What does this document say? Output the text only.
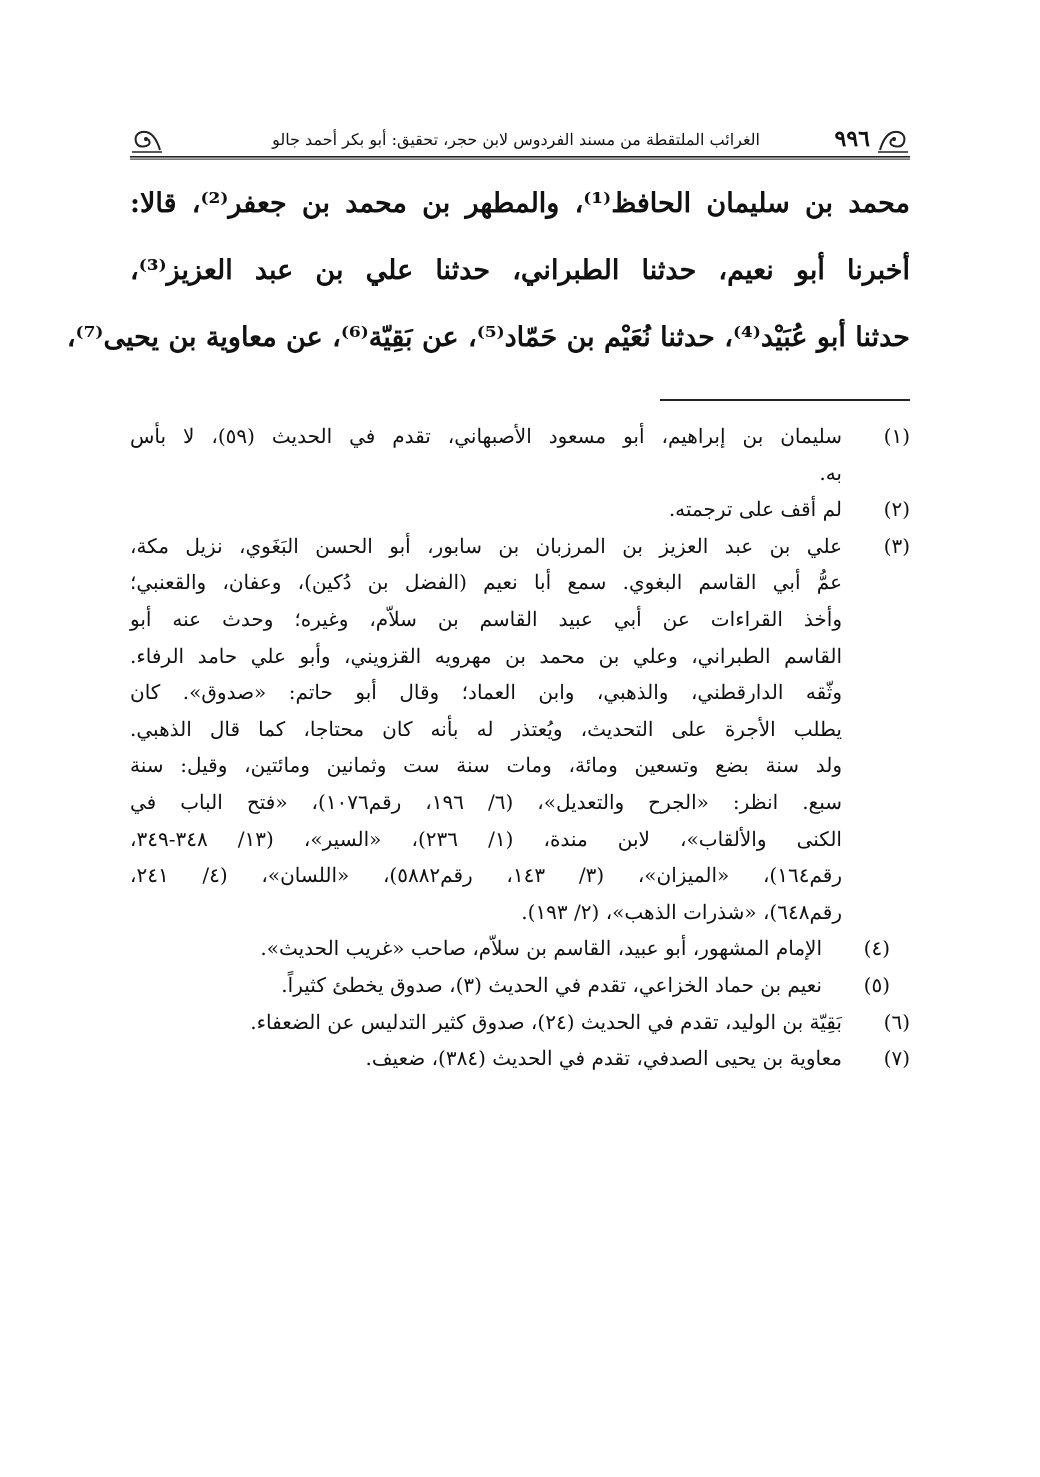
٩٩٦
الغرائب الملتقطة من مسند الفردوس لابن حجر، تحقيق: أبو بكر أحمد جالو
محمد بن سليمان الحافظ⁽¹⁾، والمطهر بن محمد بن جعفر⁽²⁾، قالا:
أخبرنا أبو نعيم، حدثنا الطبراني، حدثنا علي بن عبد العزيز⁽³⁾،
حدثنا أبو عُبَيْد⁽⁴⁾، حدثنا نُعَيْم بن حَمّاد⁽⁵⁾، عن بَقِيّة⁽⁶⁾، عن معاوية بن يحيى⁽⁷⁾،
(١)
سليمان بن إبراهيم، أبو مسعود الأصبهاني، تقدم في الحديث (٥٩)، لا بأس
به.
(٢)
لم أقف على ترجمته.
(٣)
علي بن عبد العزيز بن المرزبان بن سابور، أبو الحسن البَغَوي، نزيل مكة،
عمُّ أبي القاسم البغوي. سمع أبا نعيم (الفضل بن دُكين)، وعفان، والقعنبي؛
وأخذ القراءات عن أبي عبيد القاسم بن سلاّم، وغيره؛ وحدث عنه أبو
القاسم الطبراني، وعلي بن محمد بن مهرويه القزويني، وأبو علي حامد الرفاء.
وثّقه الدارقطني، والذهبي، وابن العماد؛ وقال أبو حاتم: «صدوق». كان
يطلب الأجرة على التحديث، ويُعتذر له بأنه كان محتاجا، كما قال الذهبي.
ولد سنة بضع وتسعين ومائة، ومات سنة ست وثمانين ومائتين، وقيل: سنة
سبع. انظر: «الجرح والتعديل»، (٦/ ١٩٦، رقم١٠٧٦)، «فتح الباب في
الكنى والألقاب»، لابن مندة، (١/ ٢٣٦)، «السير»، (١٣/ ٣٤٨-٣٤٩،
رقم١٦٤)، «الميزان»، (٣/ ١٤٣، رقم٥٨٨٢)، «اللسان»، (٤/ ٢٤١،
رقم٦٤٨)، «شذرات الذهب»، (٢/ ١٩٣).
(٤)
الإمام المشهور، أبو عبيد، القاسم بن سلاّم، صاحب «غريب الحديث».
(٥)
نعيم بن حماد الخزاعي، تقدم في الحديث (٣)، صدوق يخطئ كثيراً.
(٦)
بَقِيّة بن الوليد، تقدم في الحديث (٢٤)، صدوق كثير التدليس عن الضعفاء.
(٧)
معاوية بن يحيى الصدفي، تقدم في الحديث (٣٨٤)، ضعيف.
